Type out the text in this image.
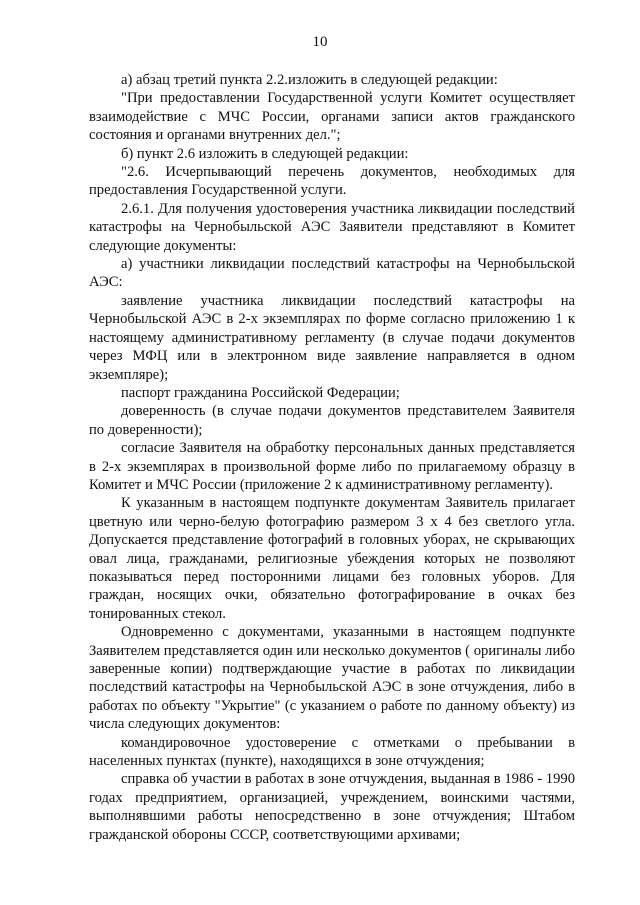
10

а) абзац третий пункта 2.2.изложить в следующей редакции:

"При предоставлении Государственной услуги Комитет осуществляет взаимодействие с МЧС России, органами записи актов гражданского состояния и органами внутренних дел.";

б) пункт 2.6 изложить в следующей редакции:

"2.6. Исчерпывающий перечень документов, необходимых для предоставления Государственной услуги.

2.6.1. Для получения удостоверения участника ликвидации последствий катастрофы на Чернобыльской АЭС Заявители представляют в Комитет следующие документы:

а) участники ликвидации последствий катастрофы на Чернобыльской АЭС:

заявление участника ликвидации последствий катастрофы на Чернобыльской АЭС в 2-х экземплярах по форме согласно приложению 1 к настоящему административному регламенту (в случае подачи документов через МФЦ или в электронном виде заявление направляется в одном экземпляре);

паспорт гражданина Российской Федерации;

доверенность (в случае подачи документов представителем Заявителя по доверенности);

согласие Заявителя на обработку персональных данных представляется в 2-х экземплярах в произвольной форме либо по прилагаемому образцу в Комитет и МЧС России (приложение 2 к административному регламенту).

К указанным в настоящем подпункте документам Заявитель прилагает цветную или черно-белую фотографию размером 3 х 4 без светлого угла. Допускается представление фотографий в головных уборах, не скрывающих овал лица, гражданами, религиозные убеждения которых не позволяют показываться перед посторонними лицами без головных уборов. Для граждан, носящих очки, обязательно фотографирование в очках без тонированных стекол.

Одновременно с документами, указанными в настоящем подпункте Заявителем представляется один или несколько документов ( оригиналы либо заверенные копии) подтверждающие участие в работах по ликвидации последствий катастрофы на Чернобыльской АЭС в зоне отчуждения, либо в работах по объекту "Укрытие" (с указанием о работе по данному объекту) из числа следующих документов:

командировочное удостоверение с отметками о пребывании в населенных пунктах (пункте), находящихся в зоне отчуждения;

справка об участии в работах в зоне отчуждения, выданная в 1986 - 1990 годах предприятием, организацией, учреждением, воинскими частями, выполнявшими работы непосредственно в зоне отчуждения; Штабом гражданской обороны СССР, соответствующими архивами;
